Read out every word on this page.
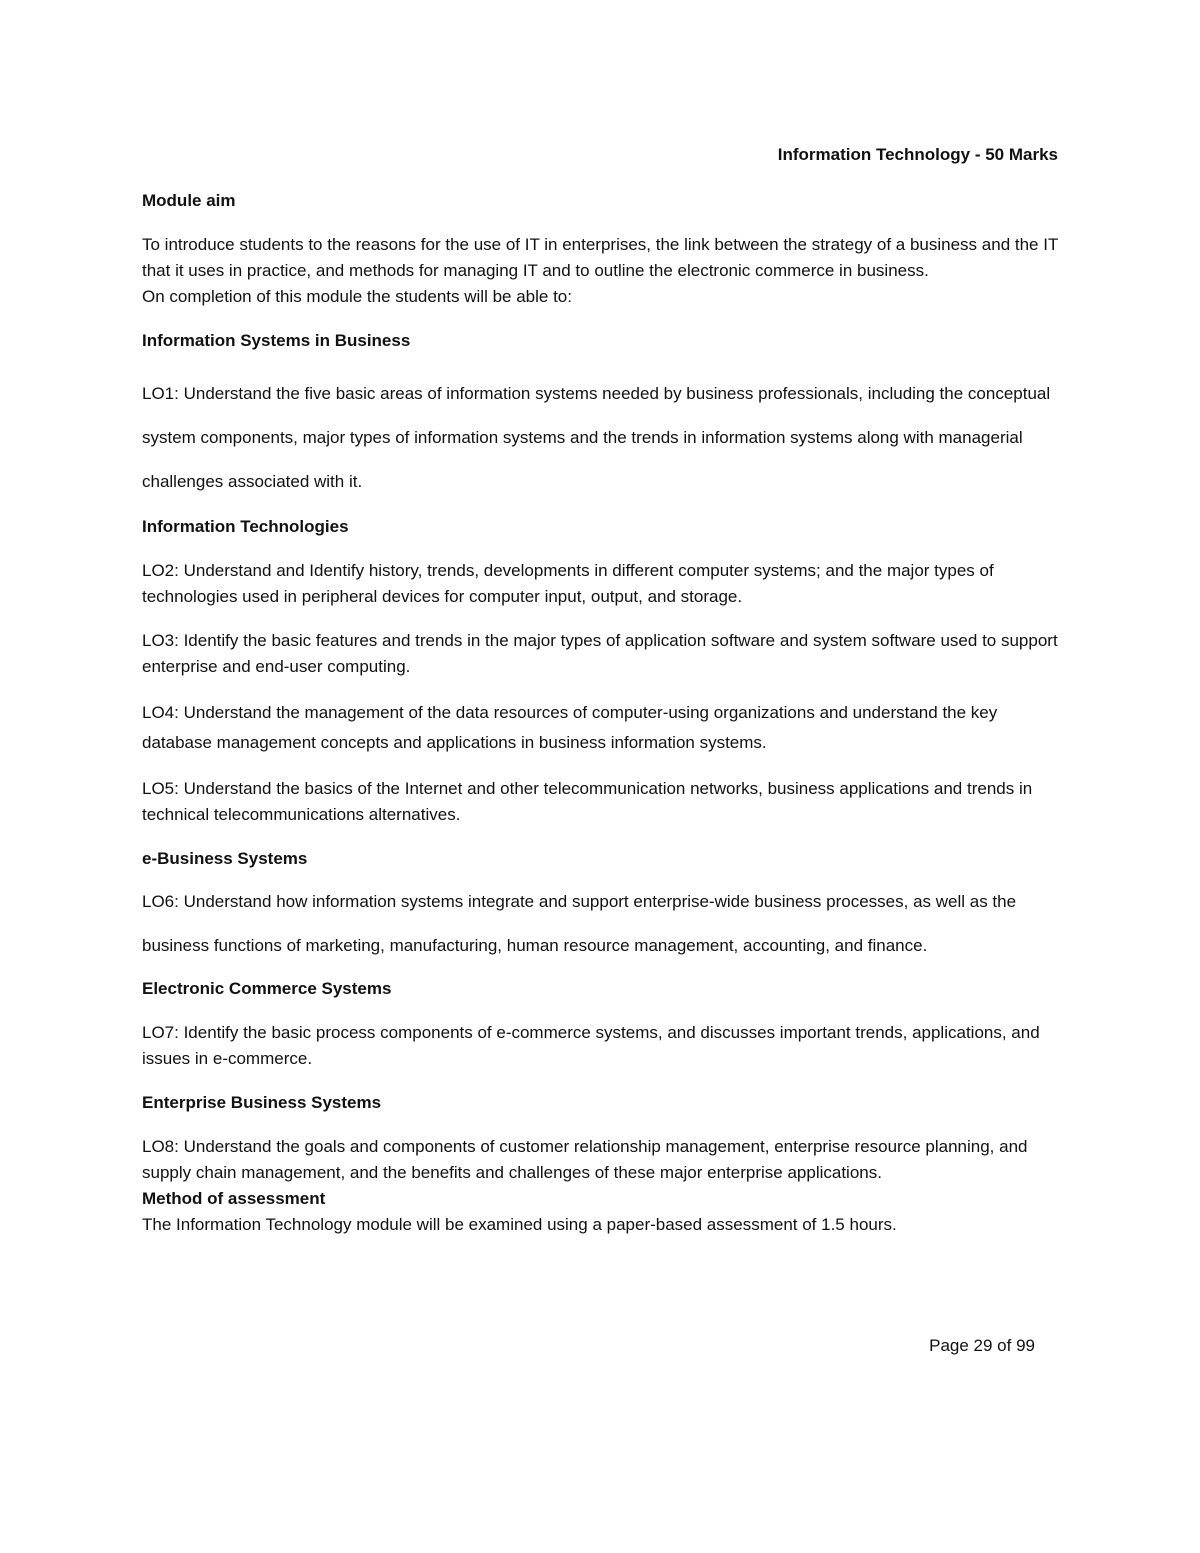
Information Technology - 50 Marks

Module aim

To introduce students to the reasons for the use of IT in enterprises, the link between the strategy of a business and the IT that it uses in practice, and methods for managing IT and to outline the electronic commerce in business.

On completion of this module the students will be able to:

Information Systems in Business

LO1: Understand the five basic areas of information systems needed by business professionals, including the conceptual system components, major types of information systems and the trends in information systems along with managerial challenges associated with it.

Information Technologies

LO2: Understand and Identify history, trends, developments in different computer systems; and the major types of technologies used in peripheral devices for computer input, output, and storage.

LO3: Identify the basic features and trends in the major types of application software and system software used to support enterprise and end-user computing.

LO4: Understand the management of the data resources of computer-using organizations and understand the key database management concepts and applications in business information systems.

LO5: Understand the basics of the Internet and other telecommunication networks, business applications and trends in technical telecommunications alternatives.

e-Business Systems

LO6: Understand how information systems integrate and support enterprise-wide business processes, as well as the business functions of marketing, manufacturing, human resource management, accounting, and finance.

Electronic Commerce Systems

LO7: Identify the basic process components of e-commerce systems, and discusses important trends, applications, and issues in e-commerce.

Enterprise Business Systems

LO8: Understand the goals and components of customer relationship management, enterprise resource planning, and supply chain management, and the benefits and challenges of these major enterprise applications.

Method of assessment

The Information Technology module will be examined using a paper-based assessment of 1.5 hours.

Page 29 of 99
